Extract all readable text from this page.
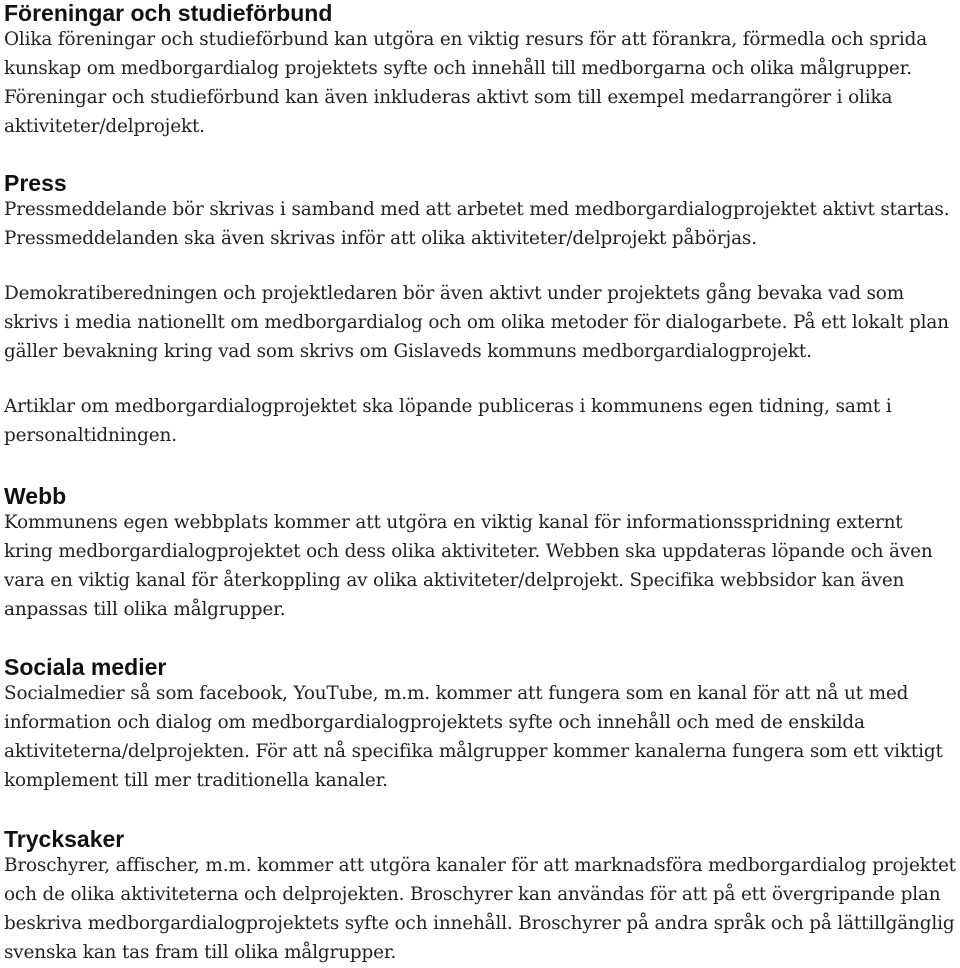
Föreningar och studieförbund

Olika föreningar och studieförbund kan utgöra en viktig resurs för att förankra, förmedla och sprida kunskap om medborgardialog projektets syfte och innehåll till medborgarna och olika målgrupper. Föreningar och studieförbund kan även inkluderas aktivt som till exempel medarrangörer i olika aktiviteter/delprojekt.

Press

Pressmeddelande bör skrivas i samband med att arbetet med medborgardialogprojektet aktivt startas. Pressmeddelanden ska även skrivas inför att olika aktiviteter/delprojekt påbörjas.

Demokratiberedningen och projektledaren bör även aktivt under projektets gång bevaka vad som skrivs i media nationellt om medborgardialog och om olika metoder för dialogarbete. På ett lokalt plan gäller bevakning kring vad som skrivs om Gislaveds kommuns medborgardialogprojekt.

Artiklar om medborgardialogprojektet ska löpande publiceras i kommunens egen tidning, samt i personaltidningen.

Webb

Kommunens egen webbplats kommer att utgöra en viktig kanal för informationsspridning externt kring medborgardialogprojektet och dess olika aktiviteter. Webben ska uppdateras löpande och även vara en viktig kanal för återkoppling av olika aktiviteter/delprojekt. Specifika webbsidor kan även anpassas till olika målgrupper.

Sociala medier

Socialmedier så som facebook, YouTube, m.m. kommer att fungera som en kanal för att nå ut med information och dialog om medborgardialogprojektets syfte och innehåll och med de enskilda aktiviteterna/delprojekten. För att nå specifika målgrupper kommer kanalerna fungera som ett viktigt komplement till mer traditionella kanaler.

Trycksaker

Broschyrer, affischer, m.m. kommer att utgöra kanaler för att marknadsföra medborgardialog projektet och de olika aktiviteterna och delprojekten. Broschyrer kan användas för att på ett övergripande plan beskriva medborgardialogprojektets syfte och innehåll. Broschyrer på andra språk och på lättillgänglig svenska kan tas fram till olika målgrupper.
